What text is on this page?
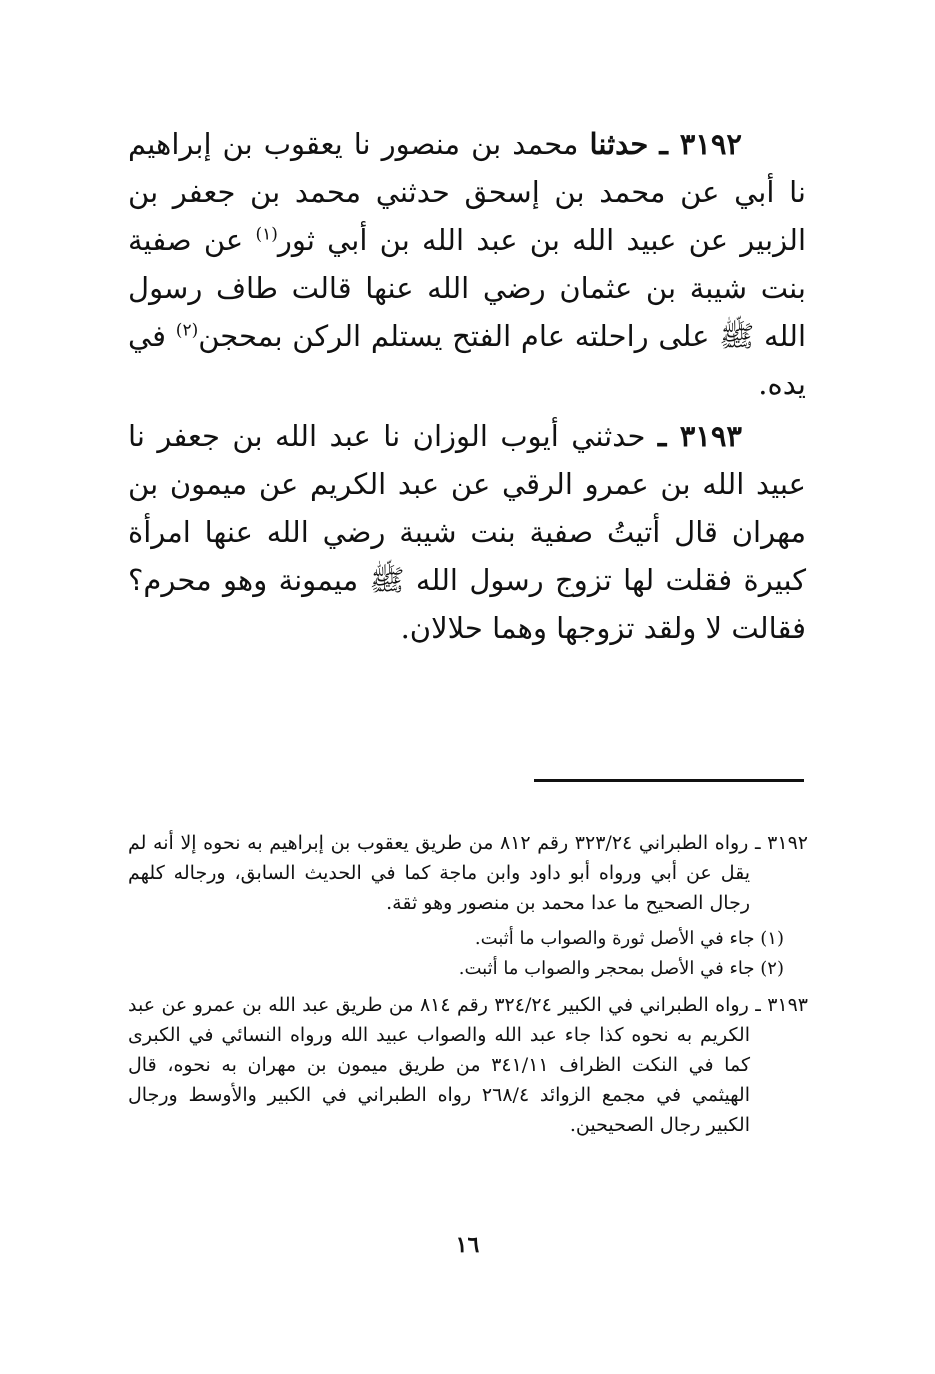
٣١٩٢ ـ حدثنا محمد بن منصور نا يعقوب بن إبراهيم نا أبي عن محمد بن إسحق حدثني محمد بن جعفر بن الزبير عن عبيد الله بن عبد الله بن أبي ثور$^{(١)}$ عن صفية بنت شيبة بن عثمان رضي الله عنها قالت طاف رسول الله ﷺ على راحلته عام الفتح يستلم الركن بمحجن$^{(٢)}$ في يده.

٣١٩٣ ـ حدثني أيوب الوزان نا عبد الله بن جعفر نا عبيد الله بن عمرو الرقي عن عبد الكريم عن ميمون بن مهران قال أتيتُ صفية بنت شيبة رضي الله عنها امرأة كبيرة فقلت لها تزوج رسول الله ﷺ ميمونة وهو محرم؟ فقالت لا ولقد تزوجها وهما حلالان.

٣١٩٢ ـ رواه الطبراني ٣٢٣/٢٤ رقم ٨١٢ من طريق يعقوب بن إبراهيم به نحوه إلا أنه لم يقل عن أبي ورواه أبو داود وابن ماجة كما في الحديث السابق، ورجاله كلهم رجال الصحيح ما عدا محمد بن منصور وهو ثقة.

(١) جاء في الأصل ثورة والصواب ما أثبت.

(٢) جاء في الأصل بمحجر والصواب ما أثبت.

٣١٩٣ ـ رواه الطبراني في الكبير ٣٢٤/٢٤ رقم ٨١٤ من طريق عبد الله بن عمرو عن عبد الكريم به نحوه كذا جاء عبد الله والصواب عبيد الله ورواه النسائي في الكبرى كما في النكت الظراف ٣٤١/١١ من طريق ميمون بن مهران به نحوه، قال الهيثمي في مجمع الزوائد ٢٦٨/٤ رواه الطبراني في الكبير والأوسط ورجال الكبير رجال الصحيحين.

١٦
